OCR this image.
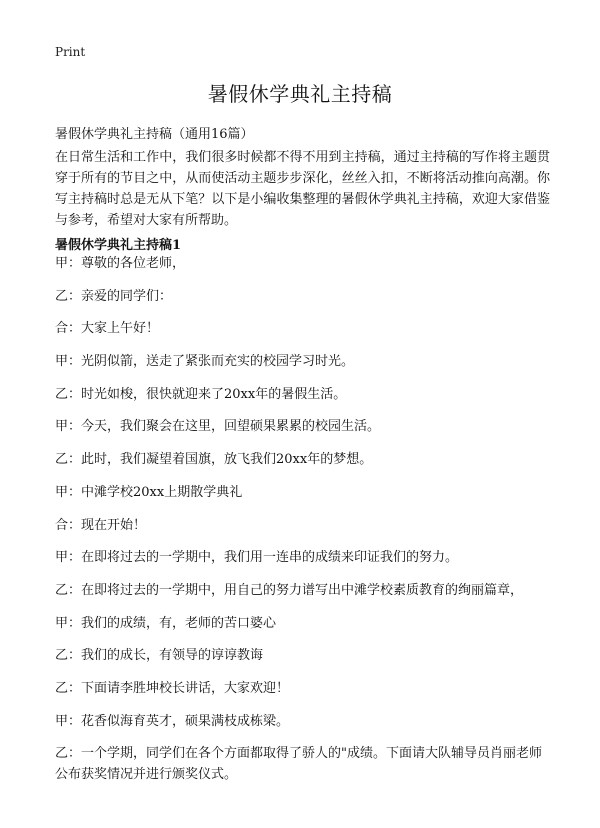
Print
暑假休学典礼主持稿
暑假休学典礼主持稿（通用16篇）

在日常生活和工作中，我们很多时候都不得不用到主持稿，通过主持稿的写作将主题贯穿于所有的节目之中，从而使活动主题步步深化，丝丝入扣，不断将活动推向高潮。你写主持稿时总是无从下笔？以下是小编收集整理的暑假休学典礼主持稿，欢迎大家借鉴与参考，希望对大家有所帮助。

暑假休学典礼主持稿1
甲：尊敬的各位老师，
乙：亲爱的同学们：
合：大家上午好！
甲：光阴似箭，送走了紧张而充实的校园学习时光。
乙：时光如梭，很快就迎来了20xx年的暑假生活。
甲：今天，我们聚会在这里，回望硕果累累的校园生活。
乙：此时，我们凝望着国旗，放飞我们20xx年的梦想。
甲：中滩学校20xx上期散学典礼
合：现在开始！
甲：在即将过去的一学期中，我们用一连串的成绩来印证我们的努力。
乙：在即将过去的一学期中，用自己的努力谱写出中滩学校素质教育的绚丽篇章，
甲：我们的成绩，有，老师的苦口婆心
乙：我们的成长，有领导的谆谆教诲
乙：下面请李胜坤校长讲话，大家欢迎！
甲：花香似海育英才，硕果满枝成栋梁。
乙：一个学期，同学们在各个方面都取得了骄人的"成绩。下面请大队辅导员肖丽老师公布获奖情况并进行颁奖仪式。
